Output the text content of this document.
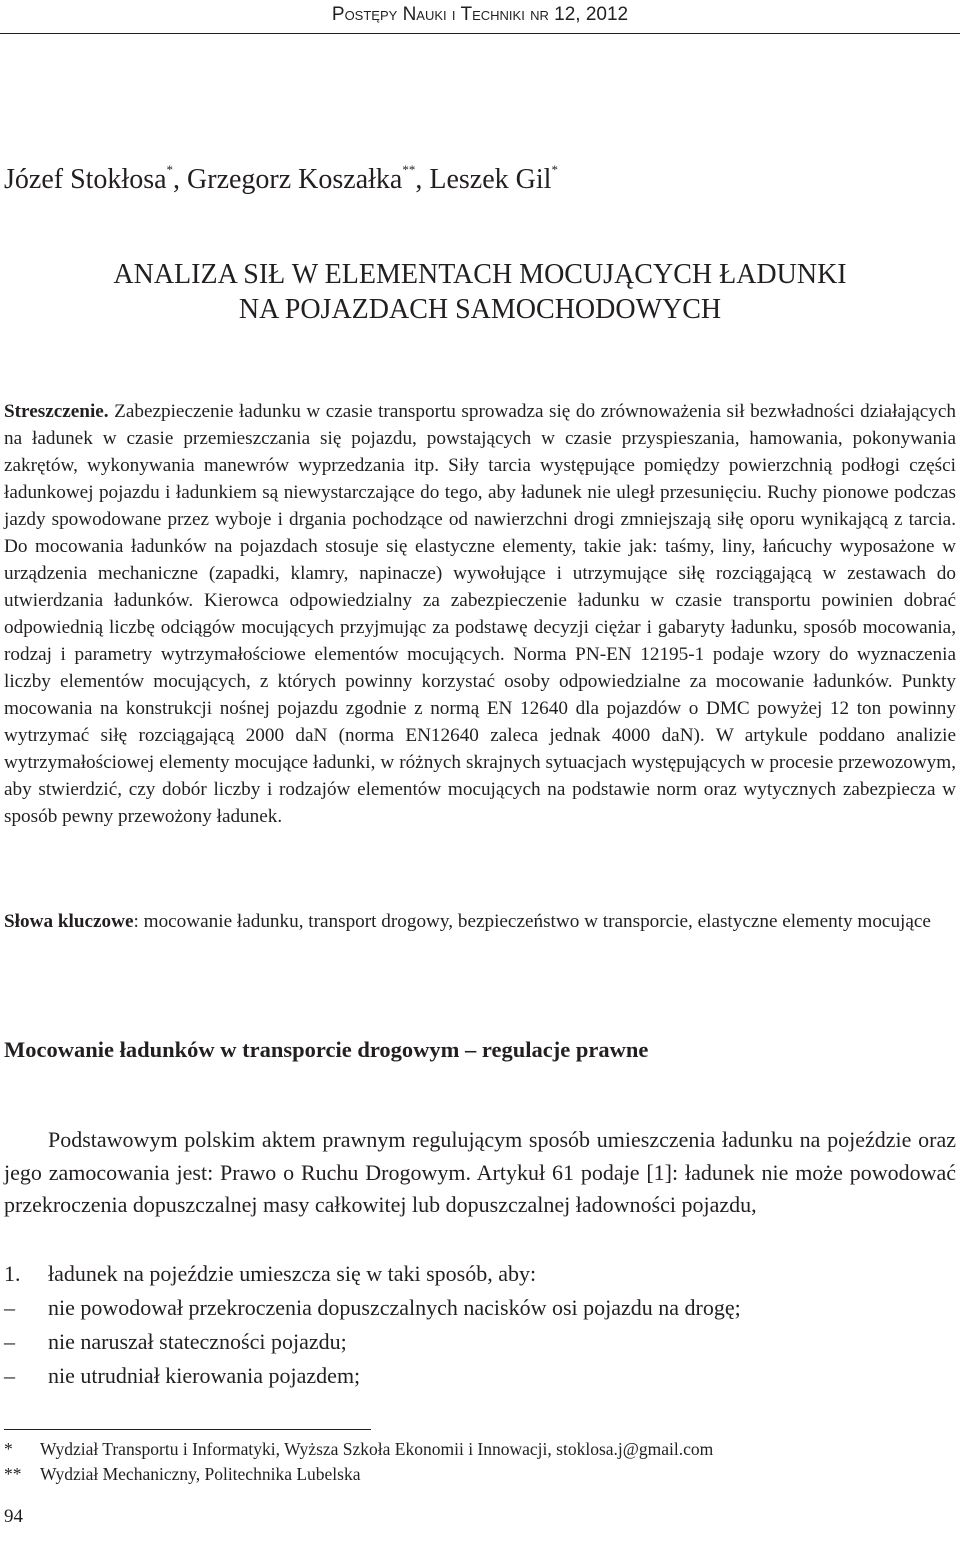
Postępy Nauki i Techniki nr 12, 2012
Józef Stokłosa*, Grzegorz Koszałka**, Leszek Gil*
ANALIZA SIŁ W ELEMENTACH MOCUJĄCYCH ŁADUNKI
NA POJAZDACH SAMOCHODOWYCH
Streszczenie. Zabezpieczenie ładunku w czasie transportu sprowadza się do zrównoważenia sił bezwładności działających na ładunek w czasie przemieszczania się pojazdu, powstających w czasie przyspieszania, hamowania, pokonywania zakrętów, wykonywania manewrów wyprzedzania itp. Siły tarcia występujące pomiędzy powierzchnią podłogi części ładunkowej pojazdu i ładunkiem są niewystarczające do tego, aby ładunek nie uległ przesunięciu. Ruchy pionowe podczas jazdy spowodowane przez wyboje i drgania pochodzące od nawierzchni drogi zmniejszają siłę oporu wynikającą z tarcia. Do mocowania ładunków na pojazdach stosuje się elastyczne elementy, takie jak: taśmy, liny, łańcuchy wyposażone w urządzenia mechaniczne (zapadki, klamry, napinacze) wywołujące i utrzymujące siłę rozciągającą w zestawach do utwierdzania ładunków. Kierowca odpowiedzialny za zabezpieczenie ładunku w czasie transportu powinien dobrać odpowiednią liczbę odciągów mocujących przyjmując za podstawę decyzji ciężar i gabaryty ładunku, sposób mocowania, rodzaj i parametry wytrzymałościowe elementów mocujących. Norma PN-EN 12195-1 podaje wzory do wyznaczenia liczby elementów mocujących, z których powinny korzystać osoby odpowiedzialne za mocowanie ładunków. Punkty mocowania na konstrukcji nośnej pojazdu zgodnie z normą EN 12640 dla pojazdów o DMC powyżej 12 ton powinny wytrzymać siłę rozciągającą 2000 daN (norma EN12640 zaleca jednak 4000 daN). W artykule poddano analizie wytrzymałościowej elementy mocujące ładunki, w różnych skrajnych sytuacjach występujących w procesie przewozowym, aby stwierdzić, czy dobór liczby i rodzajów elementów mocujących na podstawie norm oraz wytycznych zabezpiecza w sposób pewny przewożony ładunek.
Słowa kluczowe: mocowanie ładunku, transport drogowy, bezpieczeństwo w transporcie, elastyczne elementy mocujące
Mocowanie ładunków w transporcie drogowym – regulacje prawne

Podstawowym polskim aktem prawnym regulującym sposób umieszczenia ładunku na pojeździe oraz jego zamocowania jest: Prawo o Ruchu Drogowym. Artykuł 61 podaje [1]: ładunek nie może powodować przekroczenia dopuszczalnej masy całkowitej lub dopuszczalnej ładowności pojazdu,

1. ładunek na pojeździe umieszcza się w taki sposób, aby:
– nie powodował przekroczenia dopuszczalnych nacisków osi pojazdu na drogę;
– nie naruszał stateczności pojazdu;
– nie utrudniał kierowania pojazdem;
* Wydział Transportu i Informatyki, Wyższa Szkoła Ekonomii i Innowacji, stoklosa.j@gmail.com
** Wydział Mechaniczny, Politechnika Lubelska
94
